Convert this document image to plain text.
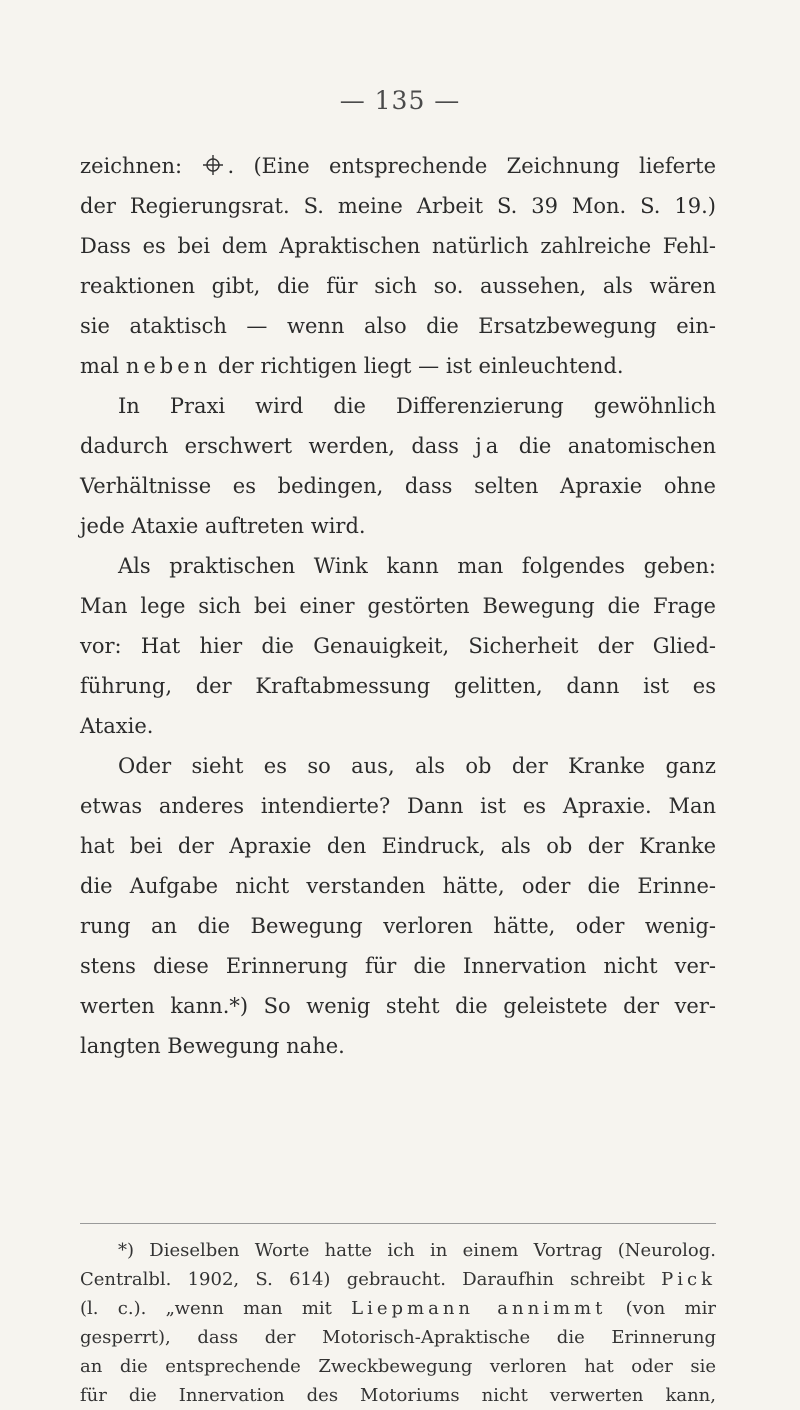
— 135 —
zeichnen: . (Eine entsprechende Zeichnung lieferte
der Regierungsrat. S. meine Arbeit S. 39 Mon. S. 19.)
Dass es bei dem Apraktischen natürlich zahlreiche Fehl-
reaktionen gibt, die für sich so. aussehen, als wären
sie ataktisch — wenn also die Ersatzbewegung ein-
mal neben der richtigen liegt — ist einleuchtend.
In Praxi wird die Differenzierung gewöhnlich
dadurch erschwert werden, dass ja die anatomischen
Verhältnisse es bedingen, dass selten Apraxie ohne
jede Ataxie auftreten wird.
Als praktischen Wink kann man folgendes geben:
Man lege sich bei einer gestörten Bewegung die Frage
vor: Hat hier die Genauigkeit, Sicherheit der Glied-
führung, der Kraftabmessung gelitten, dann ist es
Ataxie.
Oder sieht es so aus, als ob der Kranke ganz
etwas anderes intendierte? Dann ist es Apraxie. Man
hat bei der Apraxie den Eindruck, als ob der Kranke
die Aufgabe nicht verstanden hätte, oder die Erinne-
rung an die Bewegung verloren hätte, oder wenig-
stens diese Erinnerung für die Innervation nicht ver-
werten kann.*) So wenig steht die geleistete der ver-
langten Bewegung nahe.
*) Dieselben Worte hatte ich in einem Vortrag (Neurolog.
Centralbl. 1902, S. 614) gebraucht. Daraufhin schreibt Pick
(l. c.). „wenn man mit Liepmann annimmt (von mir
gesperrt), dass der Motorisch-Apraktische die Erinnerung
an die entsprechende Zweckbewegung verloren hat oder sie
für die Innervation des Motoriums nicht verwerten kann,
